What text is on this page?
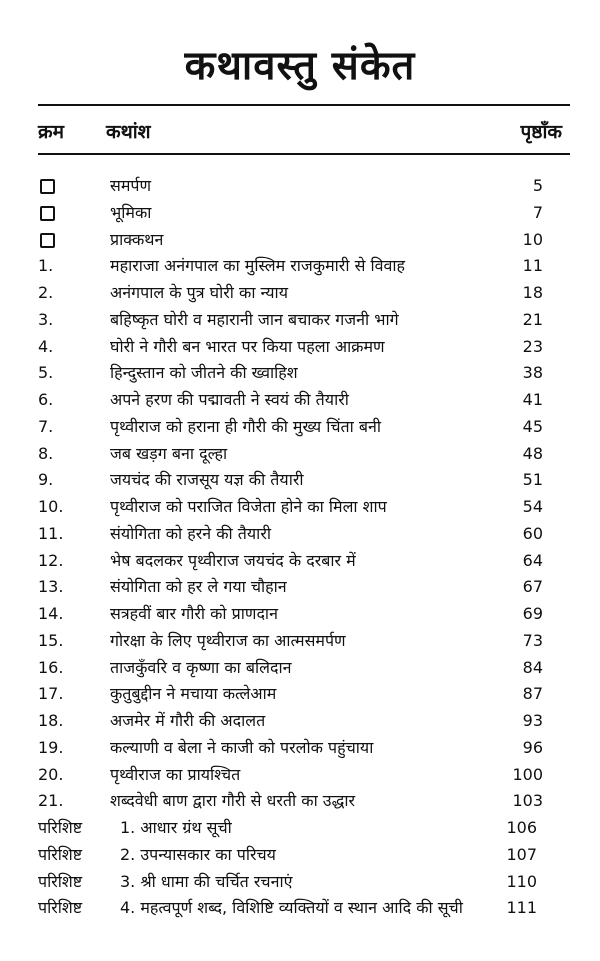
कथावस्तु संकेत
क्रम कथांश	पृष्ठाँक
समर्पण	5
भूमिका	7
प्राक्कथन	10
1.	महाराजा अनंगपाल का मुस्लिम राजकुमारी से विवाह	11
2.	अनंगपाल के पुत्र घोरी का न्याय	18
3.	बहिष्कृत घोरी व महारानी जान बचाकर गजनी भागे	21
4.	घोरी ने गौरी बन भारत पर किया पहला आक्रमण	23
5.	हिन्दुस्तान को जीतने की ख्वाहिश	38
6.	अपने हरण की पद्मावती ने स्वयं की तैयारी	41
7.	पृथ्वीराज को हराना ही गौरी की मुख्य चिंता बनी	45
8.	जब खड़ग बना दूल्हा	48
9.	जयचंद की राजसूय यज्ञ की तैयारी	51
10.	पृथ्वीराज को पराजित विजेता होने का मिला शाप	54
11.	संयोगिता को हरने की तैयारी	60
12.	भेष बदलकर पृथ्वीराज जयचंद के दरबार में	64
13.	संयोगिता को हर ले गया चौहान	67
14.	सत्रहवीं बार गौरी को प्राणदान	69
15.	गोरक्षा के लिए पृथ्वीराज का आत्मसमर्पण	73
16.	ताजकुँवरि व कृष्णा का बलिदान	84
17.	कुतुबुद्दीन ने मचाया कत्लेआम	87
18.	अजमेर में गौरी की अदालत	93
19.	कल्याणी व बेला ने काजी को परलोक पहुंचाया	96
20.	पृथ्वीराज का प्रायश्चित	100
21.	शब्दवेधी बाण द्वारा गौरी से धरती का उद्धार	103
परिशिष्ट 1. आधार ग्रंथ सूची	106
परिशिष्ट 2. उपन्यासकार का परिचय	107
परिशिष्ट 3. श्री धामा की चर्चित रचनाएं	110
परिशिष्ट 4. महत्वपूर्ण शब्द, विशिष्टि व्यक्तियों व स्थान आदि की सूची	111
